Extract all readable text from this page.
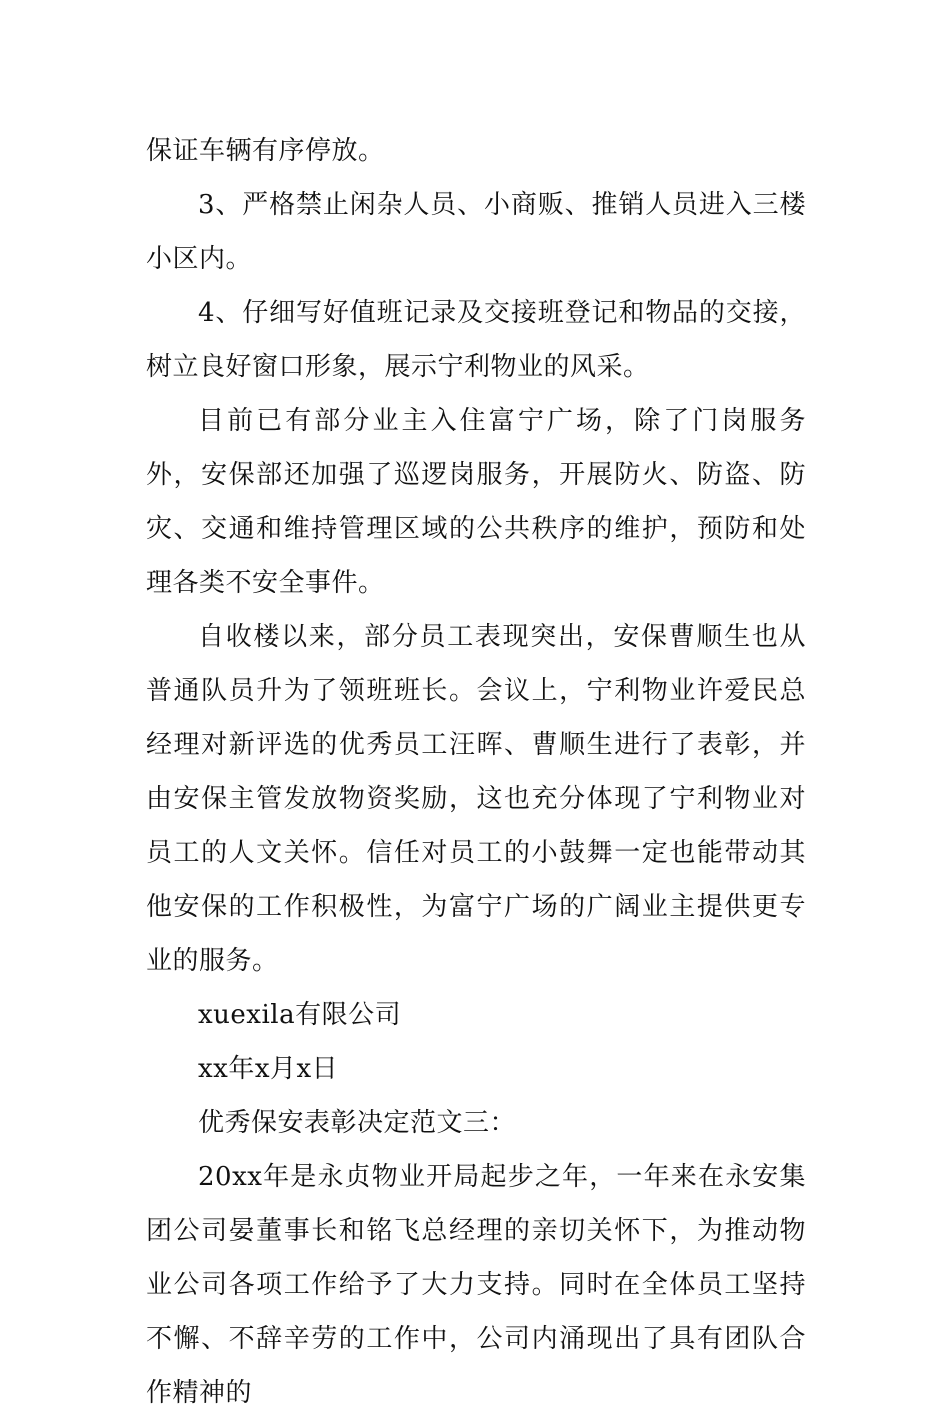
保证车辆有序停放。

3、严格禁止闲杂人员、小商贩、推销人员进入三楼小区内。

4、仔细写好值班记录及交接班登记和物品的交接，树立良好窗口形象，展示宁利物业的风采。

目前已有部分业主入住富宁广场，除了门岗服务外，安保部还加强了巡逻岗服务，开展防火、防盗、防灾、交通和维持管理区域的公共秩序的维护，预防和处理各类不安全事件。

自收楼以来，部分员工表现突出，安保曹顺生也从普通队员升为了领班班长。会议上，宁利物业许爱民总经理对新评选的优秀员工汪晖、曹顺生进行了表彰，并由安保主管发放物资奖励，这也充分体现了宁利物业对员工的人文关怀。信任对员工的小鼓舞一定也能带动其他安保的工作积极性，为富宁广场的广阔业主提供更专业的服务。

xuexila有限公司

xx年x月x日

优秀保安表彰决定范文三：

20xx年是永贞物业开局起步之年，一年来在永安集团公司晏董事长和铭飞总经理的亲切关怀下，为推动物业公司各项工作给予了大力支持。同时在全体员工坚持不懈、不辞辛劳的工作中，公司内涌现出了具有团队合作精神的
